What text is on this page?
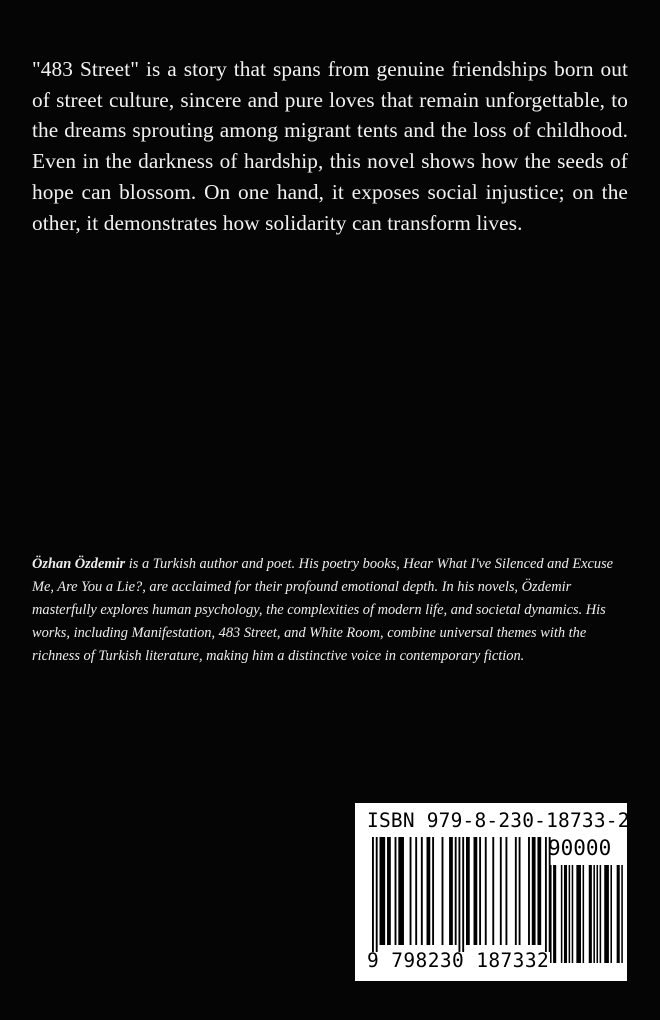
"483 Street" is a story that spans from genuine friendships born out of street culture, sincere and pure loves that remain unforgettable, to the dreams sprouting among migrant tents and the loss of childhood. Even in the darkness of hardship, this novel shows how the seeds of hope can blossom. On one hand, it exposes social injustice; on the other, it demonstrates how solidarity can transform lives.

Özhan Özdemir is a Turkish author and poet. His poetry books, Hear What I've Silenced and Excuse Me, Are You a Lie?, are acclaimed for their profound emotional depth. In his novels, Özdemir masterfully explores human psychology, the complexities of modern life, and societal dynamics. His works, including Manifestation, 483 Street, and White Room, combine universal themes with the richness of Turkish literature, making him a distinctive voice in contemporary fiction.

ISBN 979-8-230-18733-2
90000
9 798230 187332
